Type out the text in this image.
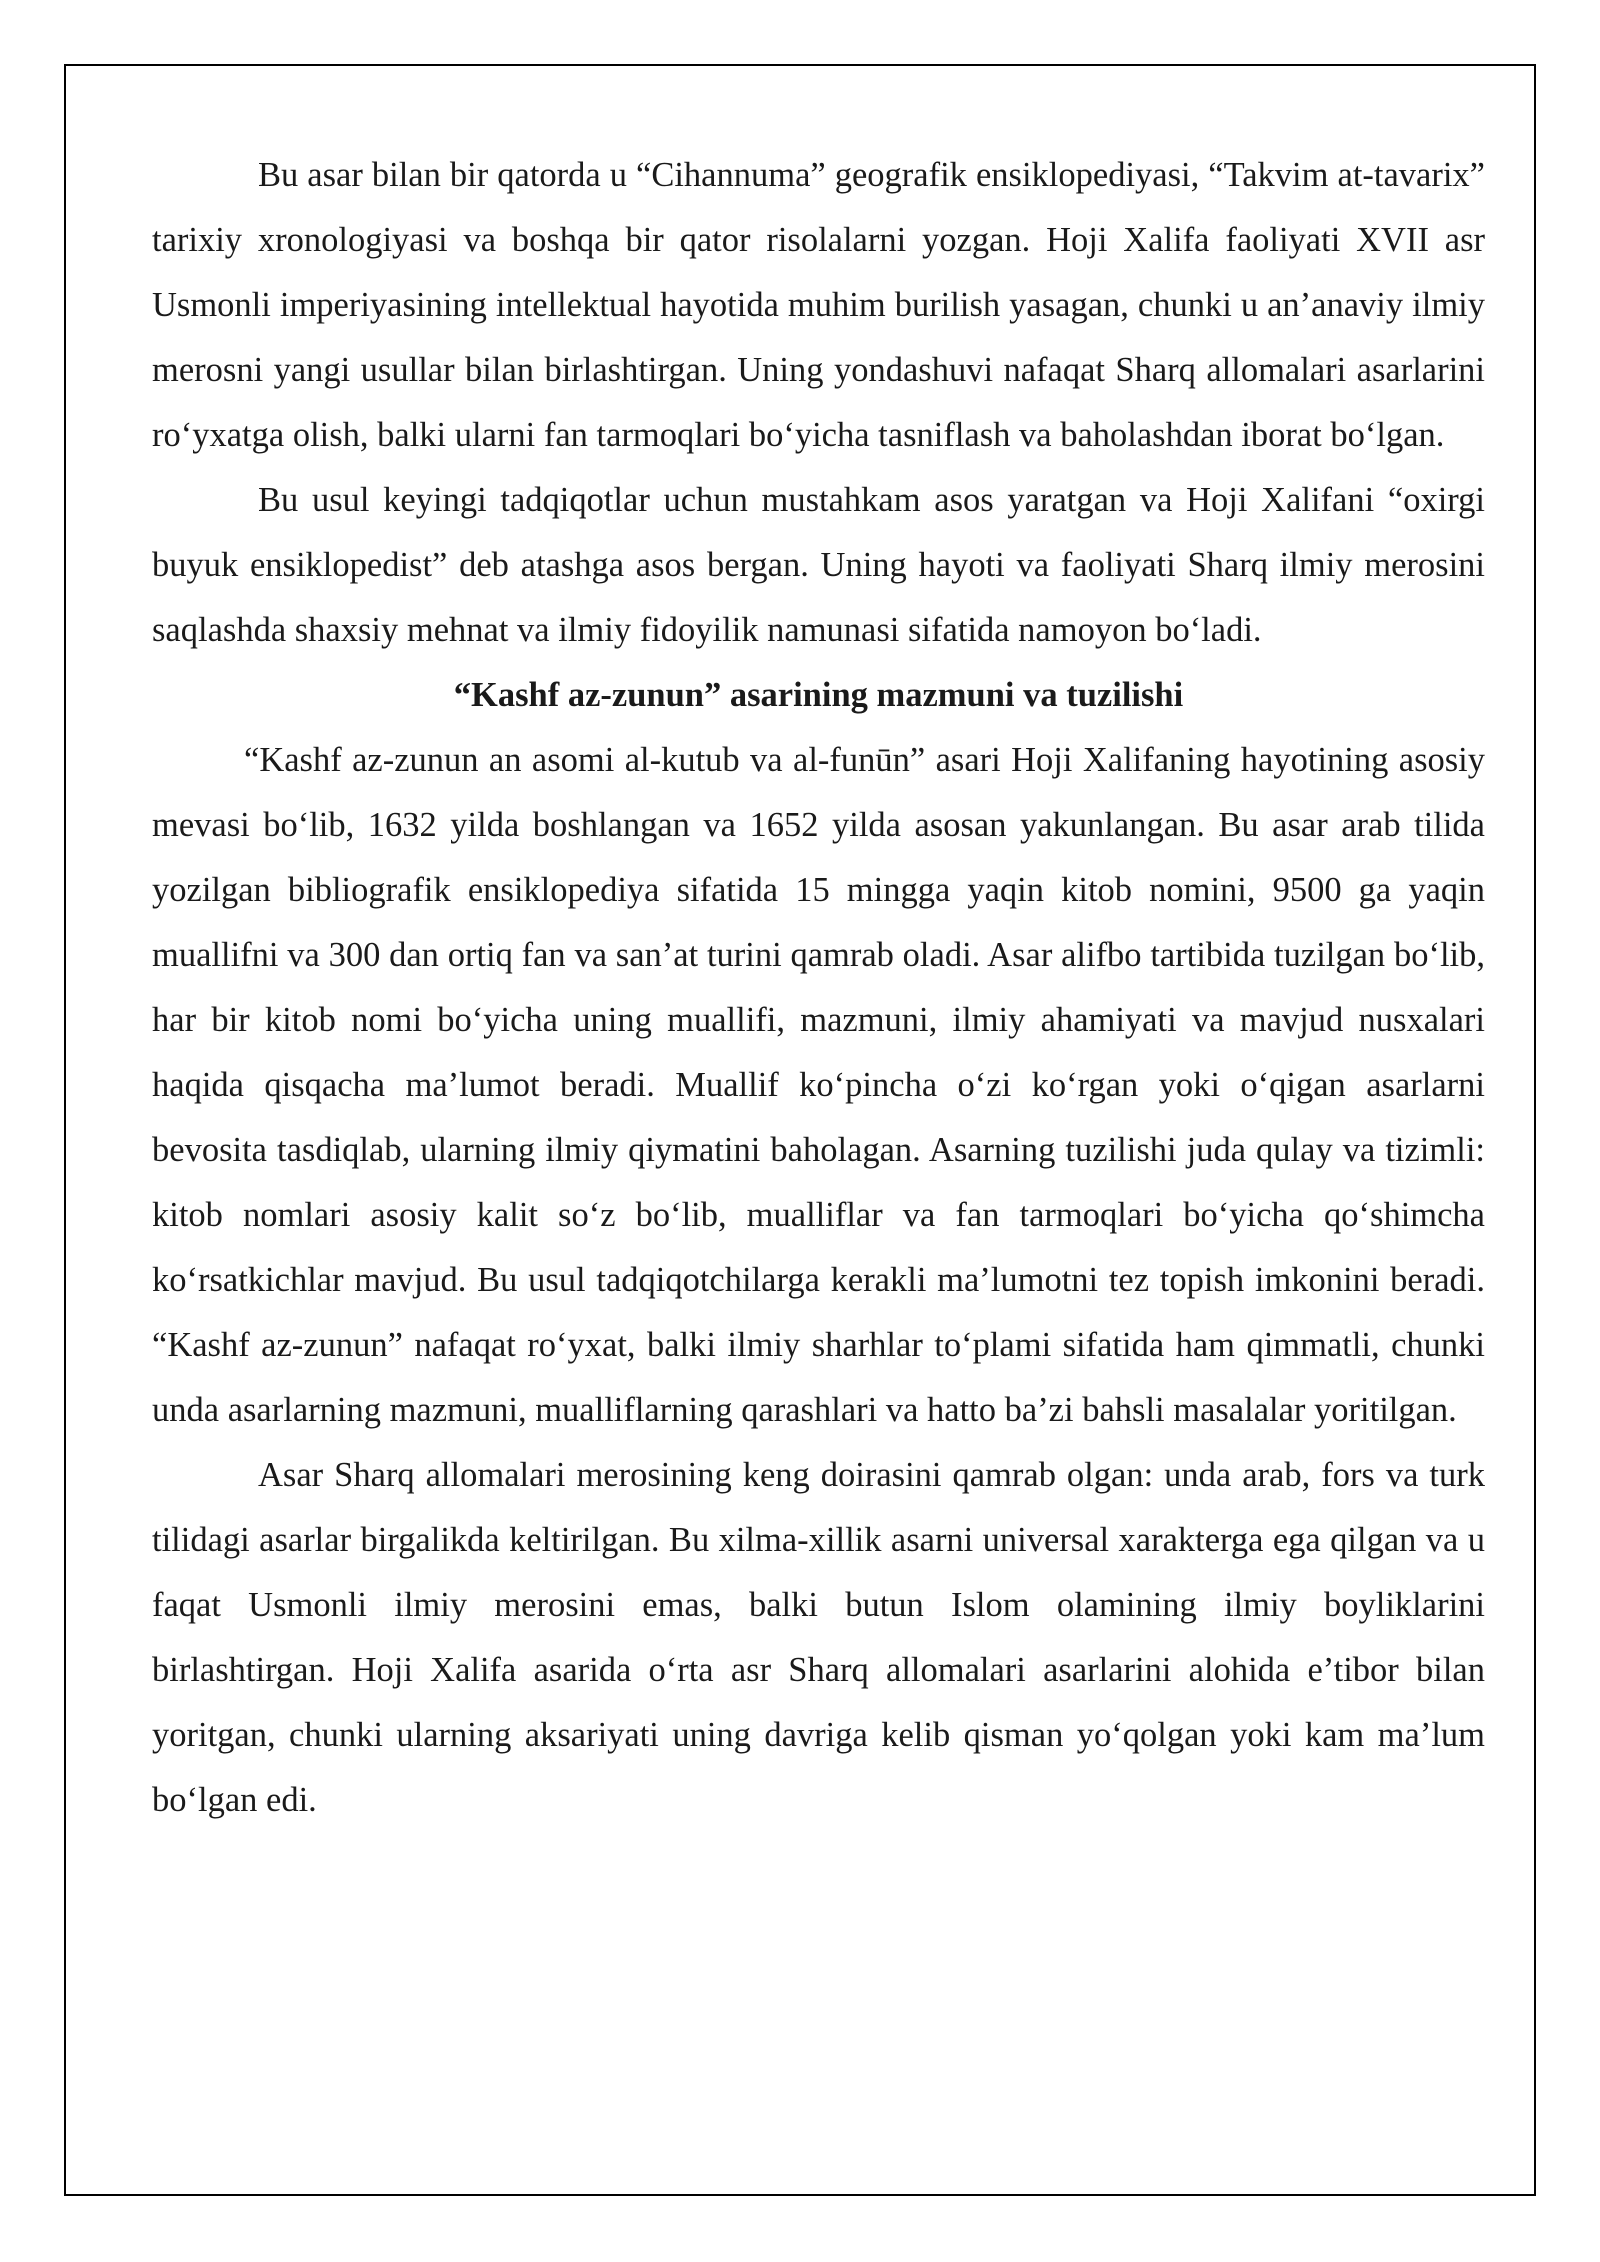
Bu asar bilan bir qatorda u “Cihannuma” geografik ensiklopediyasi, “Takvim at-tavarix” tarixiy xronologiyasi va boshqa bir qator risolalarni yozgan. Hoji Xalifa faoliyati XVII asr Usmonli imperiyasining intellektual hayotida muhim burilish yasagan, chunki u an’anaviy ilmiy merosni yangi usullar bilan birlashtirgan. Uning yondashuvi nafaqat Sharq allomalari asarlarini ro‘yxatga olish, balki ularni fan tarmoqlari bo‘yicha tasniflash va baholashdan iborat bo‘lgan.

Bu usul keyingi tadqiqotlar uchun mustahkam asos yaratgan va Hoji Xalifani “oxirgi buyuk ensiklopedist” deb atashga asos bergan. Uning hayoti va faoliyati Sharq ilmiy merosini saqlashda shaxsiy mehnat va ilmiy fidoyilik namunasi sifatida namoyon bo‘ladi.

“Kashf az-zunun” asarining mazmuni va tuzilishi

“Kashf az-zunun an asomi al-kutub va al-funūn” asari Hoji Xalifaning hayotining asosiy mevasi bo‘lib, 1632 yilda boshlangan va 1652 yilda asosan yakunlangan. Bu asar arab tilida yozilgan bibliografik ensiklopediya sifatida 15 mingga yaqin kitob nomini, 9500 ga yaqin muallifni va 300 dan ortiq fan va san’at turini qamrab oladi. Asar alifbo tartibida tuzilgan bo‘lib, har bir kitob nomi bo‘yicha uning muallifi, mazmuni, ilmiy ahamiyati va mavjud nusxalari haqida qisqacha ma’lumot beradi. Muallif ko‘pincha o‘zi ko‘rgan yoki o‘qigan asarlarni bevosita tasdiqlab, ularning ilmiy qiymatini baholagan. Asarning tuzilishi juda qulay va tizimli: kitob nomlari asosiy kalit so‘z bo‘lib, mualliflar va fan tarmoqlari bo‘yicha qo‘shimcha ko‘rsatkichlar mavjud. Bu usul tadqiqotchilarga kerakli ma’lumotni tez topish imkonini beradi. “Kashf az-zunun” nafaqat ro‘yxat, balki ilmiy sharhlar to‘plami sifatida ham qimmatli, chunki unda asarlarning mazmuni, mualliflarning qarashlari va hatto ba’zi bahsli masalalar yoritilgan.

Asar Sharq allomalari merosining keng doirasini qamrab olgan: unda arab, fors va turk tilidagi asarlar birgalikda keltirilgan. Bu xilma-xillik asarni universal xarakterga ega qilgan va u faqat Usmonli ilmiy merosini emas, balki butun Islom olamining ilmiy boyliklarini birlashtirgan. Hoji Xalifa asarida o‘rta asr Sharq allomalari asarlarini alohida e’tibor bilan yoritgan, chunki ularning aksariyati uning davriga kelib qisman yo‘qolgan yoki kam ma’lum bo‘lgan edi.
